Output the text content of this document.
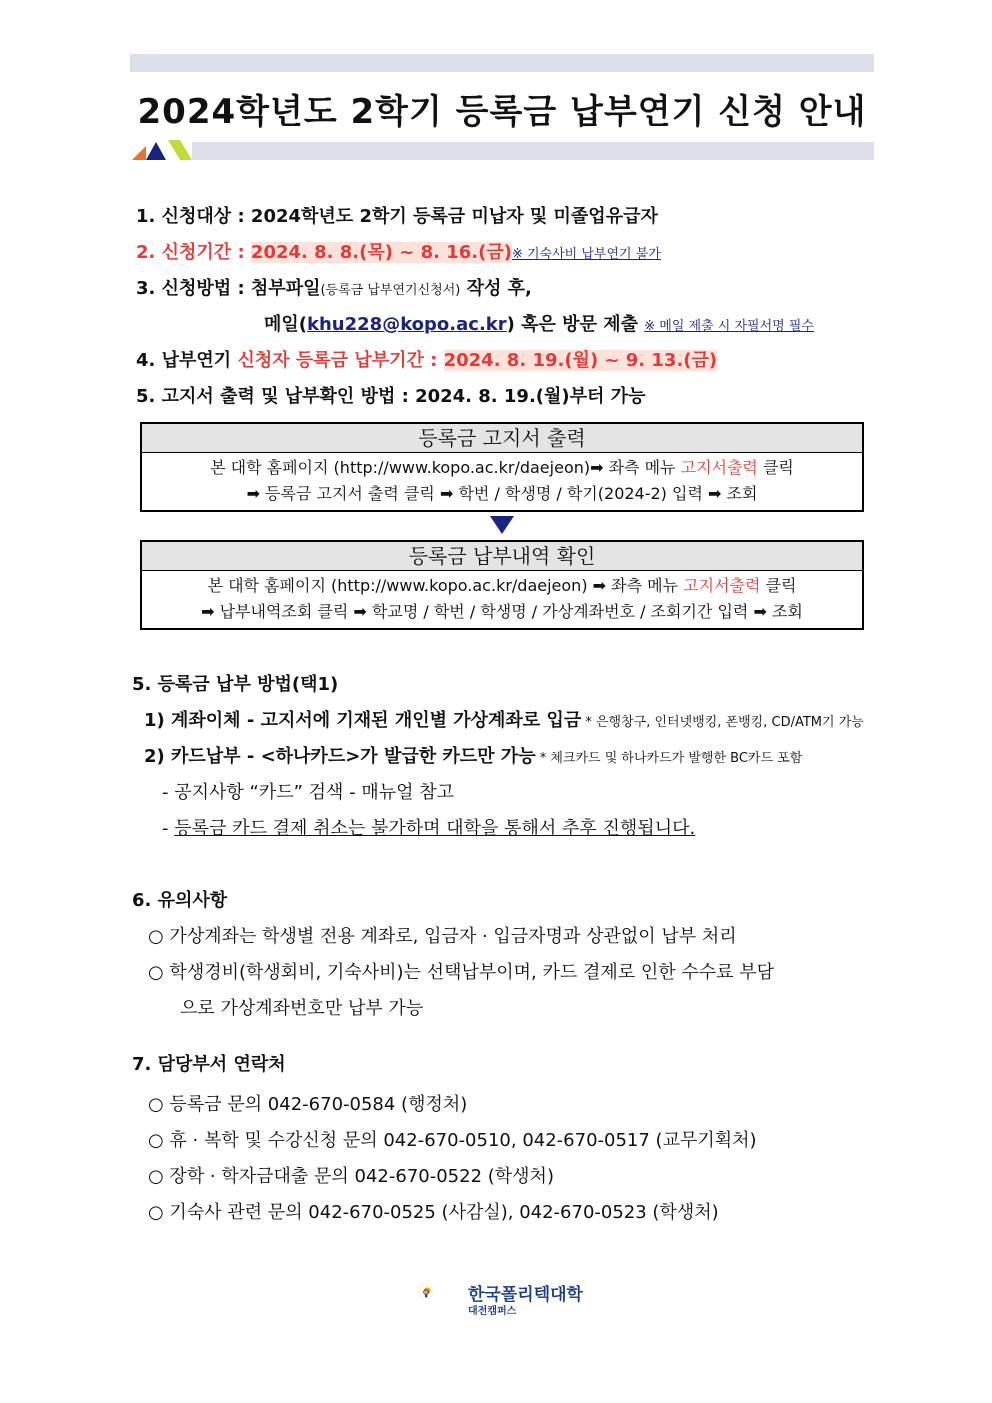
2024학년도 2학기 등록금 납부연기 신청 안내
1. 신청대상 : 2024학년도 2학기 등록금 미납자 및 미졸업유급자
2. 신청기간 : 2024. 8. 8.(목) ~ 8. 16.(금)※ 기숙사비 납부연기 불가
3. 신청방법 : 첨부파일(등록금 납부연기신청서) 작성 후,
메일(khu228@kopo.ac.kr) 혹은 방문 제출 ※ 메일 제출 시 자필서명 필수
4. 납부연기 신청자 등록금 납부기간 : 2024. 8. 19.(월) ~ 9. 13.(금)
5. 고지서 출력 및 납부확인 방법 : 2024. 8. 19.(월)부터 가능
등록금 고지서 출력
본 대학 홈페이지 (http://www.kopo.ac.kr/daejeon)➡ 좌측 메뉴 고지서출력 클릭
➡ 등록금 고지서 출력 클릭 ➡ 학번 / 학생명 / 학기(2024-2) 입력 ➡ 조회
등록금 납부내역 확인
본 대학 홈페이지 (http://www.kopo.ac.kr/daejeon) ➡ 좌측 메뉴 고지서출력 클릭
➡ 납부내역조회 클릭 ➡ 학교명 / 학번 / 학생명 / 가상계좌번호 / 조회기간 입력 ➡ 조회
5. 등록금 납부 방법(택1)
1) 계좌이체 - 고지서에 기재된 개인별 가상계좌로 입금 * 은행창구, 인터넷뱅킹, 폰뱅킹, CD/ATM기 가능
2) 카드납부 - <하나카드>가 발급한 카드만 가능 * 체크카드 및 하나카드가 발행한 BC카드 포함
- 공지사항 “카드” 검색 - 매뉴얼 참고
- 등록금 카드 결제 취소는 불가하며 대학을 통해서 추후 진행됩니다.
6. 유의사항
○ 가상계좌는 학생별 전용 계좌로, 입금자 · 입금자명과 상관없이 납부 처리
○ 학생경비(학생회비, 기숙사비)는 선택납부이며, 카드 결제로 인한 수수료 부담
으로 가상계좌번호만 납부 가능
7. 담당부서 연락처
○ 등록금 문의 042-670-0584 (행정처)
○ 휴 · 복학 및 수강신청 문의 042-670-0510, 042-670-0517 (교무기획처)
○ 장학 · 학자금대출 문의 042-670-0522 (학생처)
○ 기숙사 관련 문의 042-670-0525 (사감실), 042-670-0523 (학생처)
한국폴리텍대학
대전캠퍼스
